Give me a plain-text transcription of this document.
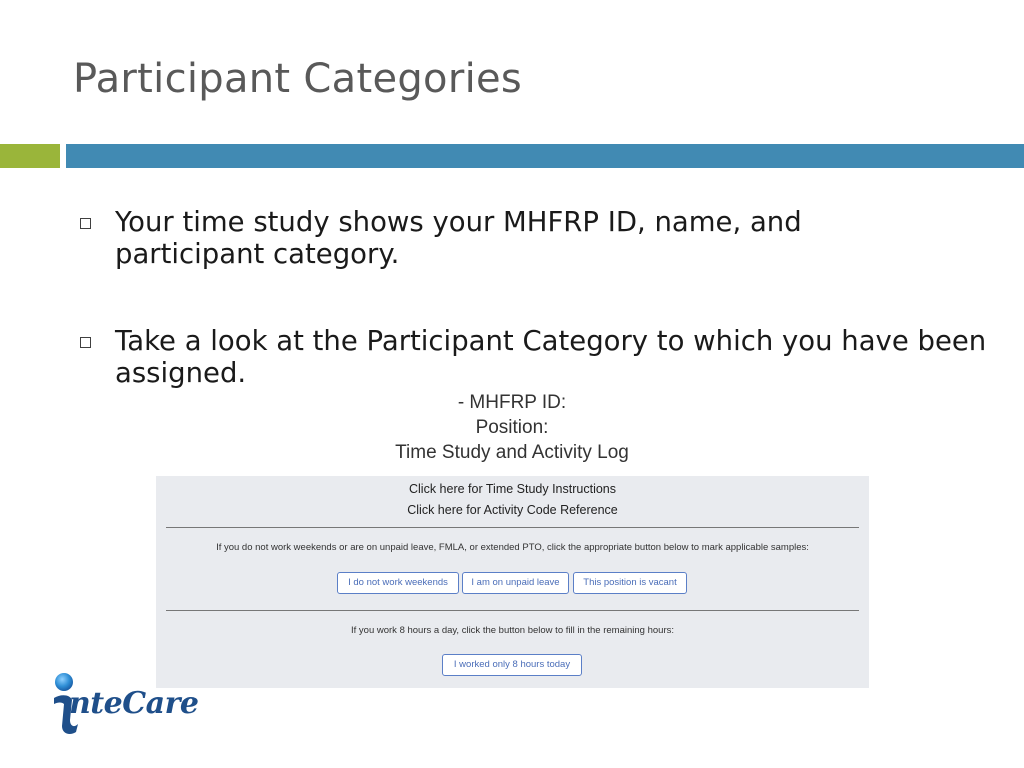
Participant Categories
Your time study shows your MHFRP ID, name, and participant category.
Take a look at the Participant Category to which you have been assigned.
- MHFRP ID:
Position:
Time Study and Activity Log
Click here for Time Study Instructions
Click here for Activity Code Reference
If you do not work weekends or are on unpaid leave, FMLA, or extended PTO, click the appropriate button below to mark applicable samples:
I do not work weekends	I am on unpaid leave	This position is vacant
If you work 8 hours a day, click the button below to fill in the remaining hours:
I worked only 8 hours today
nteCare
